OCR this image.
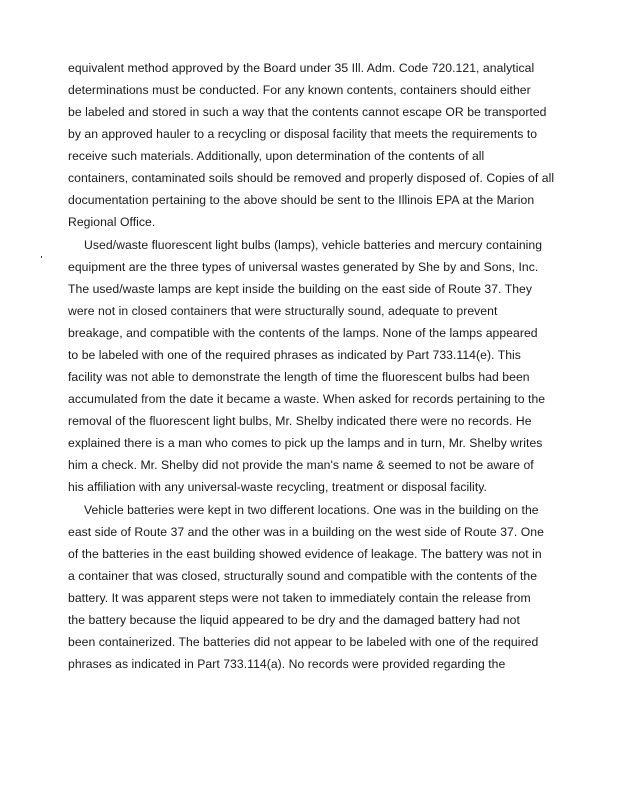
equivalent method approved by the Board under 35 Ill. Adm. Code 720.121, analytical
determinations must be conducted. For any known contents, containers should either
be labeled and stored in such a way that the contents cannot escape OR be transported
by an approved hauler to a recycling or disposal facility that meets the requirements to
receive such materials. Additionally, upon determination of the contents of all
containers, contaminated soils should be removed and properly disposed of. Copies of all
documentation pertaining to the above should be sent to the Illinois EPA at the Marion
Regional Office.
Used/waste fluorescent light bulbs (lamps), vehicle batteries and mercury containing
equipment are the three types of universal wastes generated by She by and Sons, Inc.
The used/waste lamps are kept inside the building on the east side of Route 37. They
were not in closed containers that were structurally sound, adequate to prevent
breakage, and compatible with the contents of the lamps. None of the lamps appeared
to be labeled with one of the required phrases as indicated by Part 733.114(e). This
facility was not able to demonstrate the length of time the fluorescent bulbs had been
accumulated from the date it became a waste. When asked for records pertaining to the
removal of the fluorescent light bulbs, Mr. Shelby indicated there were no records. He
explained there is a man who comes to pick up the lamps and in turn, Mr. Shelby writes
him a check. Mr. Shelby did not provide the man's name & seemed to not be aware of
his affiliation with any universal-waste recycling, treatment or disposal facility.
Vehicle batteries were kept in two different locations. One was in the building on the
east side of Route 37 and the other was in a building on the west side of Route 37. One
of the batteries in the east building showed evidence of leakage. The battery was not in
a container that was closed, structurally sound and compatible with the contents of the
battery. It was apparent steps were not taken to immediately contain the release from
the battery because the liquid appeared to be dry and the damaged battery had not
been containerized. The batteries did not appear to be labeled with one of the required
phrases as indicated in Part 733.114(a). No records were provided regarding the
